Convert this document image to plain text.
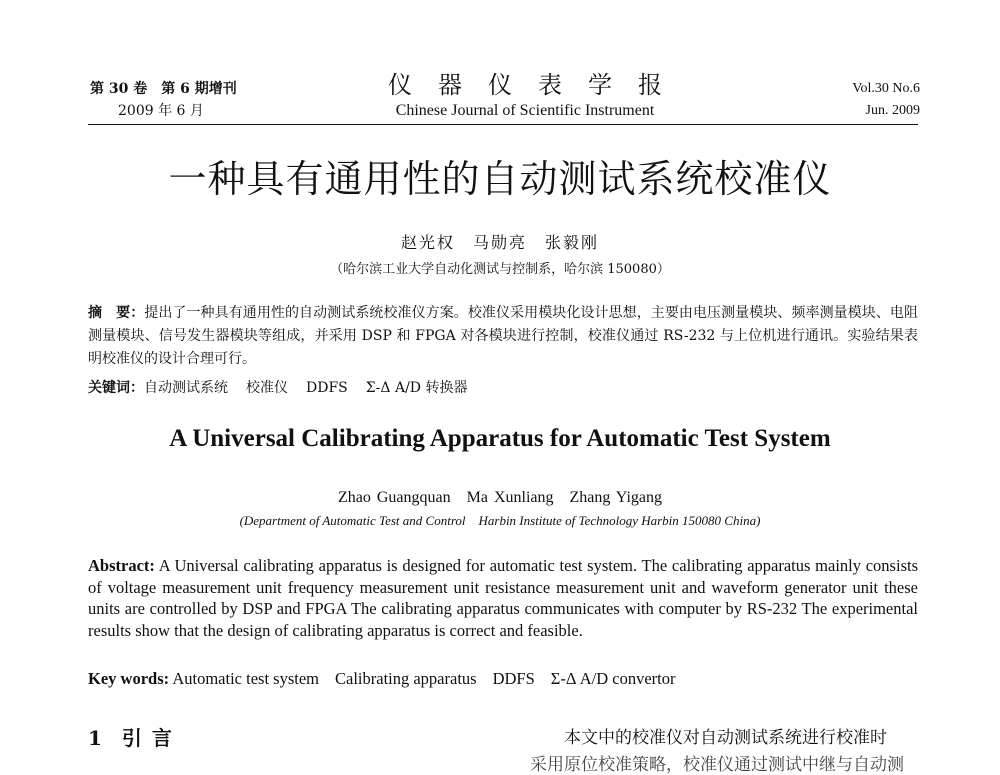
第 30 卷　第 6 期增刊
2009 年 6 月
仪器仪表学报
Chinese Journal of Scientific Instrument
Vol.30 No.6
Jun. 2009
一种具有通用性的自动测试系统校准仪
赵光权　马勋亮　张毅刚
（哈尔滨工业大学自动化测试与控制系，哈尔滨 150080）
摘　要：提出了一种具有通用性的自动测试系统校准仪方案。校准仪采用模块化设计思想，主要由电压测量模块、频率测量模块、电阻测量模块、信号发生器模块等组成，并采用 DSP 和 FPGA 对各模块进行控制，校准仪通过 RS-232 与上位机进行通讯。实验结果表明校准仪的设计合理可行。
关键词：自动测试系统 校准仪 DDFS Σ-Δ A/D 转换器
A Universal Calibrating Apparatus for Automatic Test System
Zhao Guangquan　Ma Xunliang　Zhang Yigang
(Department of Automatic Test and Control　Harbin Institute of Technology Harbin 150080 China)
Abstract: A Universal calibrating apparatus is designed for automatic test system. The calibrating apparatus mainly consists of voltage measurement unit frequency measurement unit resistance measurement unit and waveform generator unit these units are controlled by DSP and FPGA The calibrating apparatus communicates with computer by RS-232 The experimental results show that the design of calibrating apparatus is correct and feasible.
Key words: Automatic test system Calibrating apparatus DDFS Σ-Δ A/D convertor
1 引言	本文中的校准仪对自动测试系统进行校准时
采用原位校准策略，校准仪通过测试中继与自动测
